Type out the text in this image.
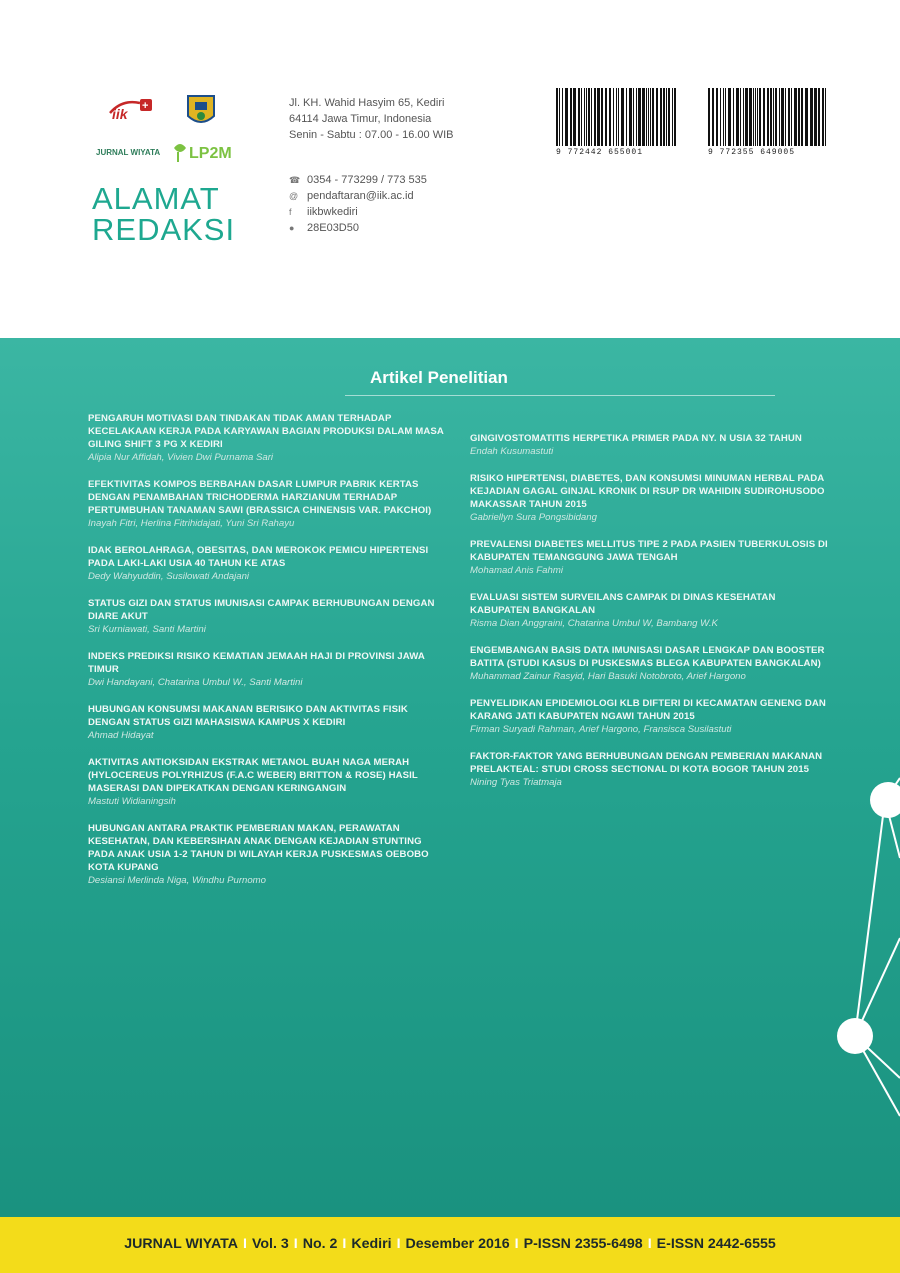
iik +
JURNAL WIYATA LP2M
ALAMAT
REDAKSI
Jl. KH. Wahid Hasyim 65, Kediri
64114 Jawa Timur, Indonesia
Senin - Sabtu : 07.00 - 16.00 WIB
☎ 0354 - 773299 / 773 535
@ pendaftaran@iik.ac.id
f	iikbwkediri
●	28E03D50
9 772442 655001	9 772355 649005
Artikel Penelitian
PENGARUH MOTIVASI DAN TINDAKAN TIDAK AMAN TERHADAP KECELAKAAN KERJA PADA KARYAWAN BAGIAN PRODUKSI DALAM MASA GILING SHIFT 3 PG X KEDIRI
Alipia Nur Affidah, Vivien Dwi Purnama Sari
EFEKTIVITAS KOMPOS BERBAHAN DASAR LUMPUR PABRIK KERTAS DENGAN PENAMBAHAN TRICHODERMA HARZIANUM TERHADAP PERTUMBUHAN TANAMAN SAWI (BRASSICA CHINENSIS VAR. PAKCHOI)
Inayah Fitri, Herlina Fitrihidajati, Yuni Sri Rahayu
IDAK BEROLAHRAGA, OBESITAS, DAN MEROKOK PEMICU HIPERTENSI PADA LAKI-LAKI USIA 40 TAHUN KE ATAS
Dedy Wahyuddin, Susilowati Andajani
STATUS GIZI DAN STATUS IMUNISASI CAMPAK BERHUBUNGAN DENGAN DIARE AKUT
Sri Kurniawati, Santi Martini
INDEKS PREDIKSI RISIKO KEMATIAN JEMAAH HAJI DI PROVINSI JAWA TIMUR
Dwi Handayani, Chatarina Umbul W., Santi Martini
HUBUNGAN KONSUMSI MAKANAN BERISIKO DAN AKTIVITAS FISIK DENGAN STATUS GIZI MAHASISWA KAMPUS X KEDIRI
Ahmad Hidayat
AKTIVITAS ANTIOKSIDAN EKSTRAK METANOL BUAH NAGA MERAH (HYLOCEREUS POLYRHIZUS (F.A.C WEBER) BRITTON & ROSE) HASIL MASERASI DAN DIPEKATKAN DENGAN KERINGANGIN
Mastuti Widianingsih
HUBUNGAN ANTARA PRAKTIK PEMBERIAN MAKAN, PERAWATAN KESEHATAN, DAN KEBERSIHAN ANAK DENGAN KEJADIAN STUNTING PADA ANAK USIA 1-2 TAHUN DI WILAYAH KERJA PUSKESMAS OEBOBO KOTA KUPANG
Desiansi Merlinda Niga, Windhu Purnomo
GINGIVOSTOMATITIS HERPETIKA PRIMER PADA NY. N USIA 32 TAHUN
Endah Kusumastuti
RISIKO HIPERTENSI, DIABETES, DAN KONSUMSI MINUMAN HERBAL PADA KEJADIAN GAGAL GINJAL KRONIK DI RSUP DR WAHIDIN SUDIROHUSODO MAKASSAR TAHUN 2015
Gabriellyn Sura Pongsibidang
PREVALENSI DIABETES MELLITUS TIPE 2 PADA PASIEN TUBERKULOSIS DI KABUPATEN TEMANGGUNG JAWA TENGAH
Mohamad Anis Fahmi
EVALUASI SISTEM SURVEILANS CAMPAK DI DINAS KESEHATAN KABUPATEN BANGKALAN
Risma Dian Anggraini, Chatarina Umbul W, Bambang W.K
ENGEMBANGAN BASIS DATA IMUNISASI DASAR LENGKAP DAN BOOSTER BATITA (STUDI KASUS DI PUSKESMAS BLEGA KABUPATEN BANGKALAN)
Muhammad Zainur Rasyid, Hari Basuki Notobroto, Arief Hargono
PENYELIDIKAN EPIDEMIOLOGI KLB DIFTERI DI KECAMATAN GENENG DAN KARANG JATI KABUPATEN NGAWI TAHUN 2015
Firman Suryadi Rahman, Arief Hargono, Fransisca Susilastuti
FAKTOR-FAKTOR YANG BERHUBUNGAN DENGAN PEMBERIAN MAKANAN PRELAKTEAL: STUDI CROSS SECTIONAL DI KOTA BOGOR TAHUN 2015
Nining Tyas Triatmaja
JURNAL WIYATA I Vol. 3 I No. 2 I Kediri I Desember 2016 I P-ISSN 2355-6498 I E-ISSN 2442-6555
